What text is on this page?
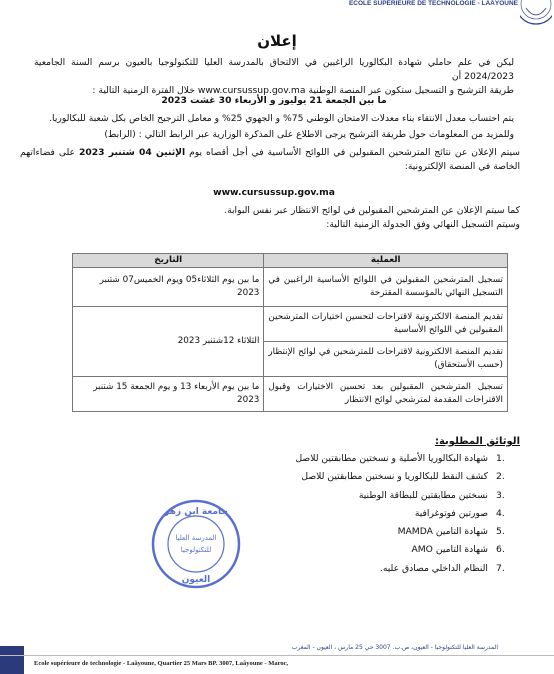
ECOLE SUPÉRIEURE DE TECHNOLOGIE - LAÂYOUNE
إعلان
ليكن في علم حاملي شهادة البكالوريا الراغبين في الالتحاق بالمدرسة العليا للتكنولوجيا بالعيون برسم السنة الجامعية 2024/2023 أن
طريقة الترشيح و التسجيل ستكون عبر المنصة الوطنية www.cursussup.gov.ma خلال الفترة الزمنية التالية :
ما بين الجمعة 21 يوليوز و الأربعاء 30 غشت 2023
يتم احتساب معدل الانتقاء بناء معدلات الامتحان الوطني 75% و الجهوي 25% و معامل الترجيح الخاص بكل شعبة للبكالوريا.
وللمزيد من المعلومات حول طريقة الترشيح يرجى الاطلاع على المذكرة الوزارية عبر الرابط التالي : (الرابط)
سيتم الإعلان عن نتائج المترشحين المقبولين في اللوائح الأساسية في أجل أقصاه يوم الإثنين 04 شتنبر 2023 على فضاءاتهم الخاصة في المنصة الإلكترونية:
www.cursussup.gov.ma
كما سيتم الإعلان عن المترشحين المقبولين في لوائح الانتظار عبر نفس البوابة.
وسيتم التسجيل النهائي وفق الجدولة الزمنية التالية:
العملية	التاريخ
تسجيل المترشحين المقبولين في اللوائح الأساسية الراغبين في التسجيل النهائي بالمؤسسة المقترحة	ما بين يوم الثلاثاء05 ويوم الخميس07 شتنبر 2023
تقديم المنصة الالكترونية لاقتراحات لتحسين اختيارات المترشحين المقبولين في اللوائح الأساسية	الثلاثاء 12شتنبر 2023
تقديم المنصة الالكترونية لاقتراحات للمترشحين في لوائح الإنتظار (حسب الأستحقاق)	
تسجيل المترشحين المقبولين بعد تحسين الاختيارات وقبول الاقتراحات المقدمة لمترشحي لوائح الانتظار	ما بين يوم الأربعاء 13 و يوم الجمعة 15 شتنبر 2023
الوثائق المطلوبة:
1.شهادة البكالوريا الأصلية و نسختين مطابقتين للاصل
2.كشف النقط للبكالوريا و نسختين مطابقتين للاصل
3.نسختين مطابقتين للبطاقة الوطنية
4.صورتين فوتوغرافية
5.شهادة التامين MAMDA
6.شهادة التامين AMO
7.النظام الداخلي مصادق عليه.
جامعة ابن زهر
المدرسة العليا
للتكنولوجيا
العيون
المدرسة العليا للتكنولوجيا - العيون، ص.ب. 3007 حي 25 مارس ، العيون - المغرب
Ecole supérieure de technologie - Laâyoune, Quartier 25 Mars BP. 3007, Laâyoune - Maroc,
